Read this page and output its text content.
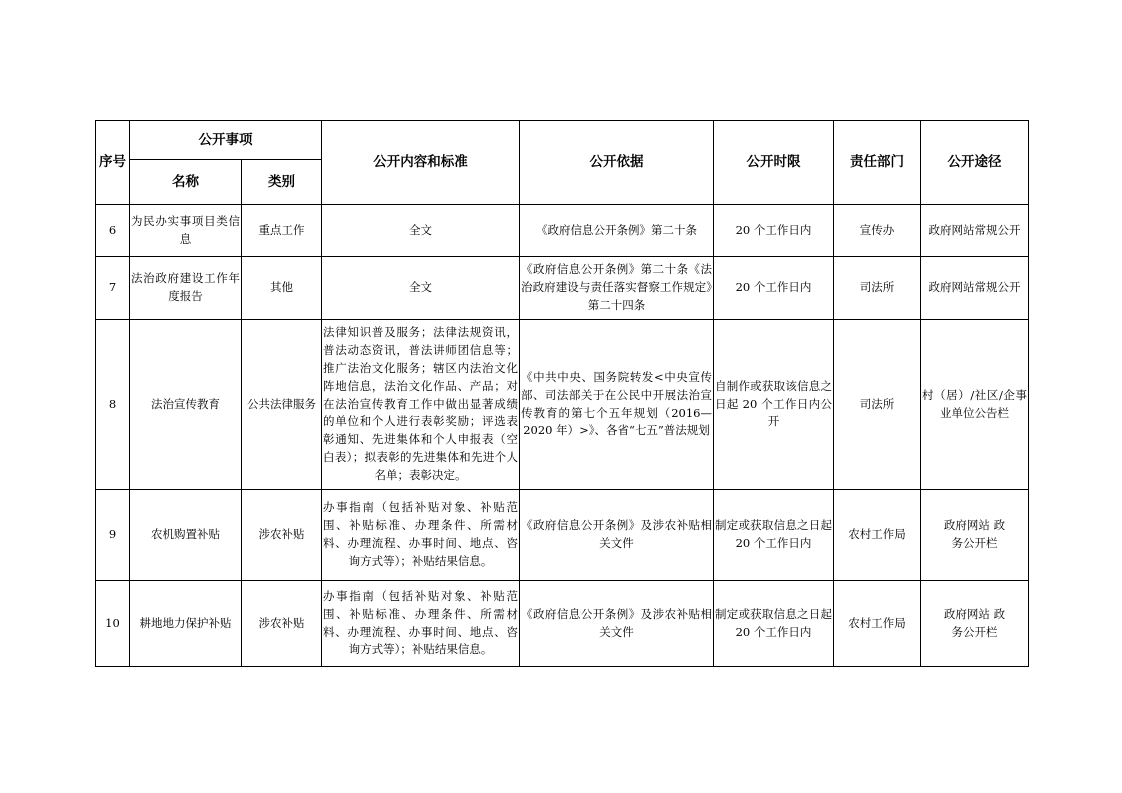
序号	公开事项		公开内容和标准	公开依据	公开时限	责任部门	公开途径
	名称	类别					
6	为民办实事项目类信息	重点工作	全文	《政府信息公开条例》第二十条	20 个工作日内	宣传办	政府网站常规公开
7	法治政府建设工作年度报告	其他	全文	《政府信息公开条例》第二十条《法治政府建设与责任落实督察工作规定》第二十四条	20 个工作日内	司法所	政府网站常规公开
8	法治宣传教育	公共法律服务	法律知识普及服务；法律法规资讯，普法动态资讯，普法讲师团信息等；推广法治文化服务；辖区内法治文化阵地信息，法治文化作品、产品；对在法治宣传教育工作中做出显著成绩的单位和个人进行表彰奖励；评选表彰通知、先进集体和个人申报表（空白表）；拟表彰的先进集体和先进个人名单；表彰决定。	《中共中央、国务院转发<中央宣传部、司法部关于在公民中开展法治宣传教育的第七个五年规划（2016—2020 年）>》、各省“七五”普法规划	自制作或获取该信息之日起 20 个工作日内公开	司法所	村（居）/社区/企事业单位公告栏
9	农机购置补贴	涉农补贴	办事指南（包括补贴对象、补贴范围、补贴标准、办理条件、所需材料、办理流程、办事时间、地点、咨询方式等）；补贴结果信息。	《政府信息公开条例》及涉农补贴相关文件	制定或获取信息之日起 20 个工作日内	农村工作局	政府网站 政务公开栏
10	耕地地力保护补贴	涉农补贴	办事指南（包括补贴对象、补贴范围、补贴标准、办理条件、所需材料、办理流程、办事时间、地点、咨询方式等）；补贴结果信息。	《政府信息公开条例》及涉农补贴相关文件	制定或获取信息之日起 20 个工作日内	农村工作局	政府网站 政务公开栏
